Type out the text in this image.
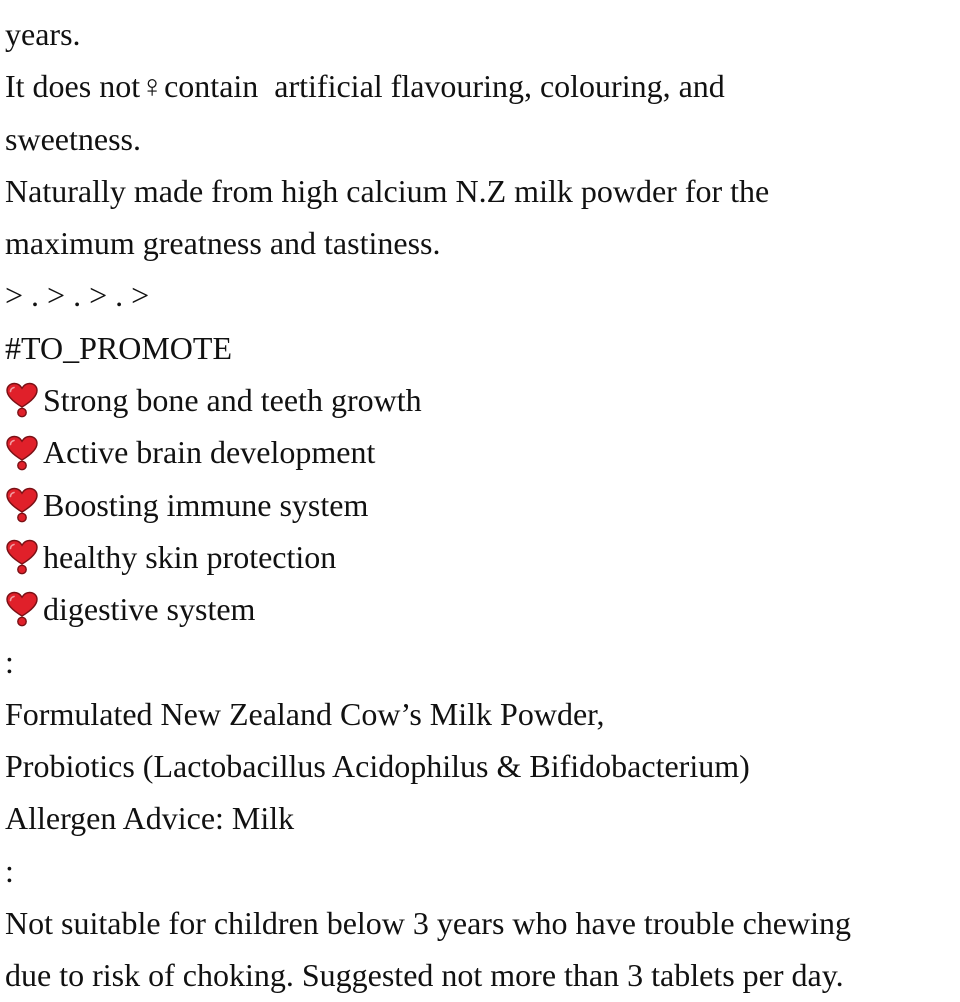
years.
It does not♀contain  artificial flavouring, colouring, and
sweetness.
Naturally made from high calcium N.Z milk powder for the
maximum greatness and tastiness.
> . > . > . >
#TO_PROMOTE
Strong bone and teeth growth
Active brain development
Boosting immune system
healthy skin protection
digestive system
:
Formulated New Zealand Cow’s Milk Powder,
Probiotics (Lactobacillus Acidophilus & Bifidobacterium)
Allergen Advice: Milk
:
Not suitable for children below 3 years who have trouble chewing
due to risk of choking. Suggested not more than 3 tablets per day.
